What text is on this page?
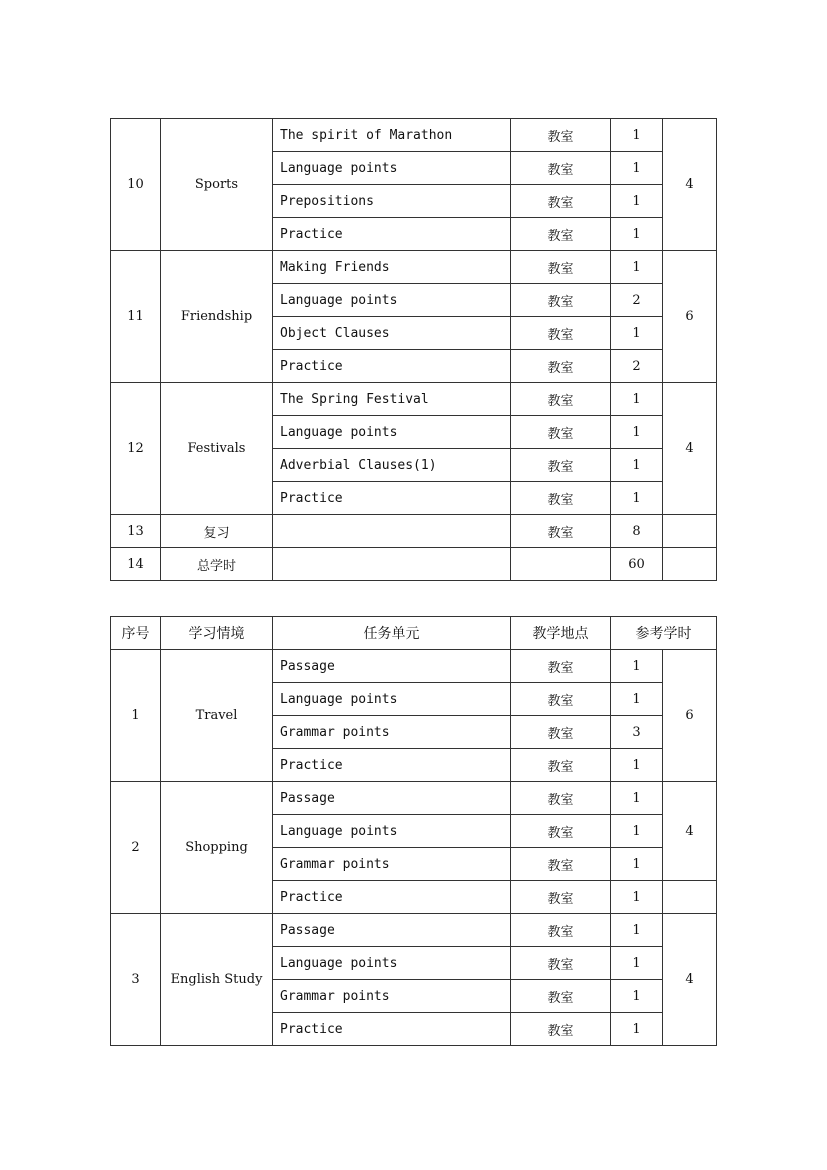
10	Sports	The spirit of Marathon	教室	1	4
		Language points	教室	1	
		Prepositions	教室	1	
		Practice	教室	1	
11	Friendship	Making Friends	教室	1	6
		Language points	教室	2	
		Object Clauses	教室	1	
		Practice	教室	2	
12	Festivals	The Spring Festival	教室	1	4
		Language points	教室	1	
		Adverbial Clauses(1)	教室	1	
		Practice	教室	1	
13	复习		教室	8	
14	总学时			60	
序号	学习情境	任务单元	教学地点	参考学时	
1	Travel	Passage	教室	1	6
		Language points	教室	1	
		Grammar points	教室	3	
		Practice	教室	1	
2	Shopping	Passage	教室	1	4
		Language points	教室	1	
		Grammar points	教室	1	
		Practice	教室	1	
3	English Study	Passage	教室	1	4
		Language points	教室	1	
		Grammar points	教室	1	
		Practice	教室	1	
